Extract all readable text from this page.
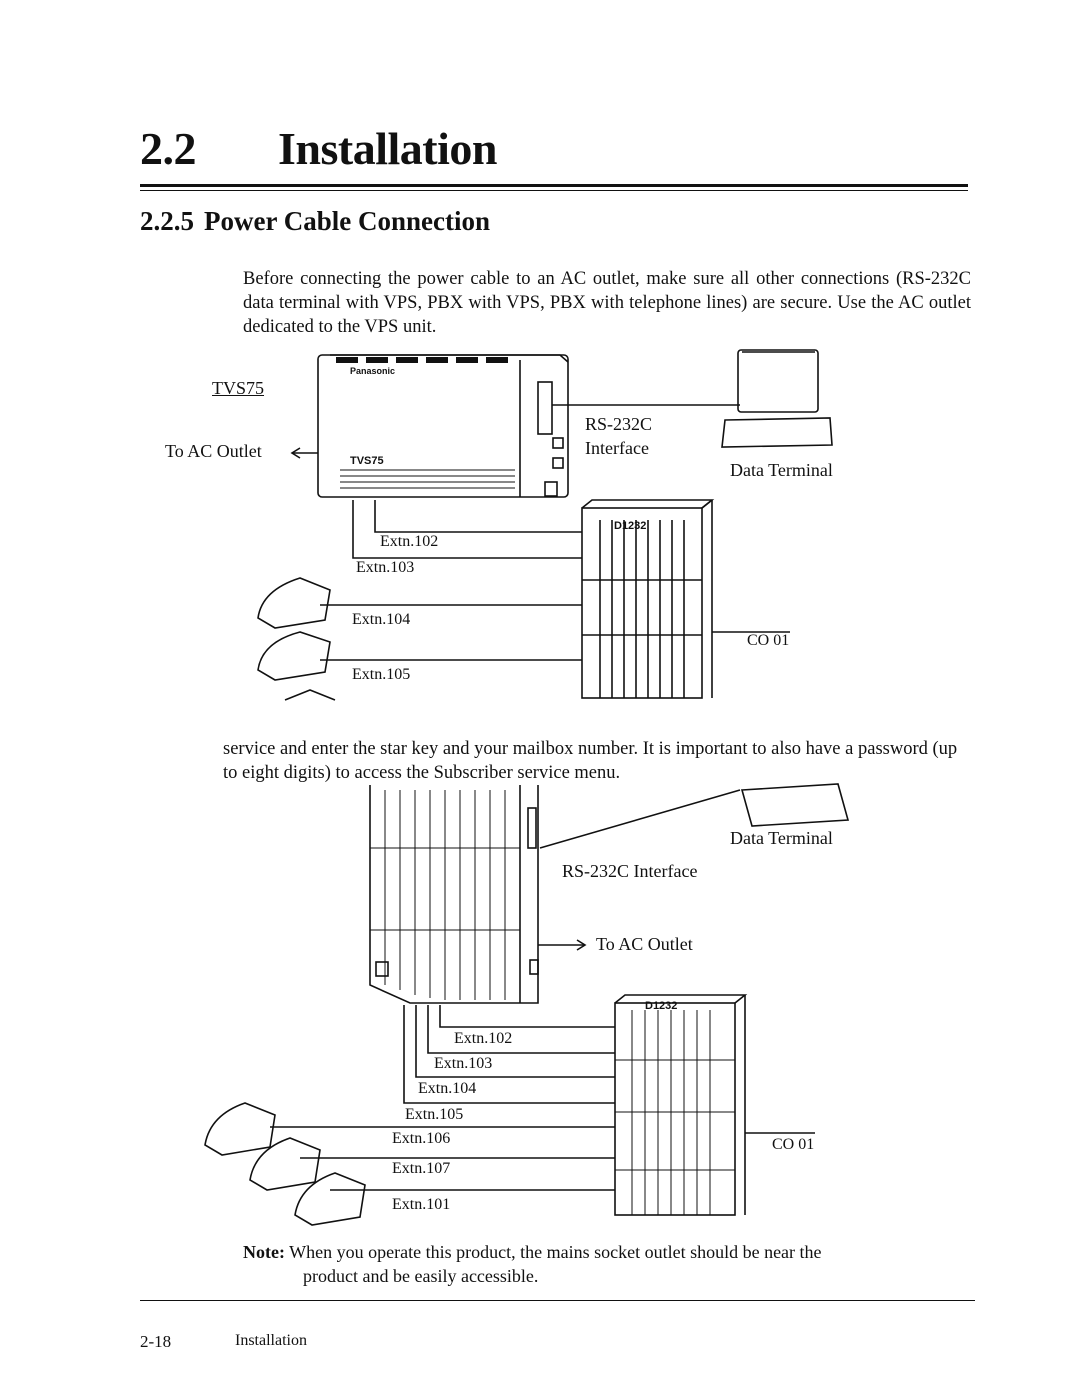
2.2 Installation
2.2.5 Power Cable Connection
Before connecting the power cable to an AC outlet, make sure all other connections (RS-232C data terminal with VPS, PBX with VPS, PBX with telephone lines) are secure. Use the AC outlet dedicated to the VPS unit.
TVS75
Panasonic
TVS75
To AC Outlet
RS-232C
Interface
Data Terminal
D1232
CO 01
Extn.102
Extn.103
Extn.104
Extn.105
service and enter the star key and your mailbox number. It is important to also have a password (up to eight digits) to access the Subscriber service menu.
Data Terminal
RS-232C Interface
To AC Outlet
D1232
CO 01
Extn.102
Extn.103
Extn.104
Extn.105
Extn.106
Extn.107
Extn.101
Note: When you operate this product, the mains socket outlet should be near the
product and be easily accessible.
2-18	Installation
